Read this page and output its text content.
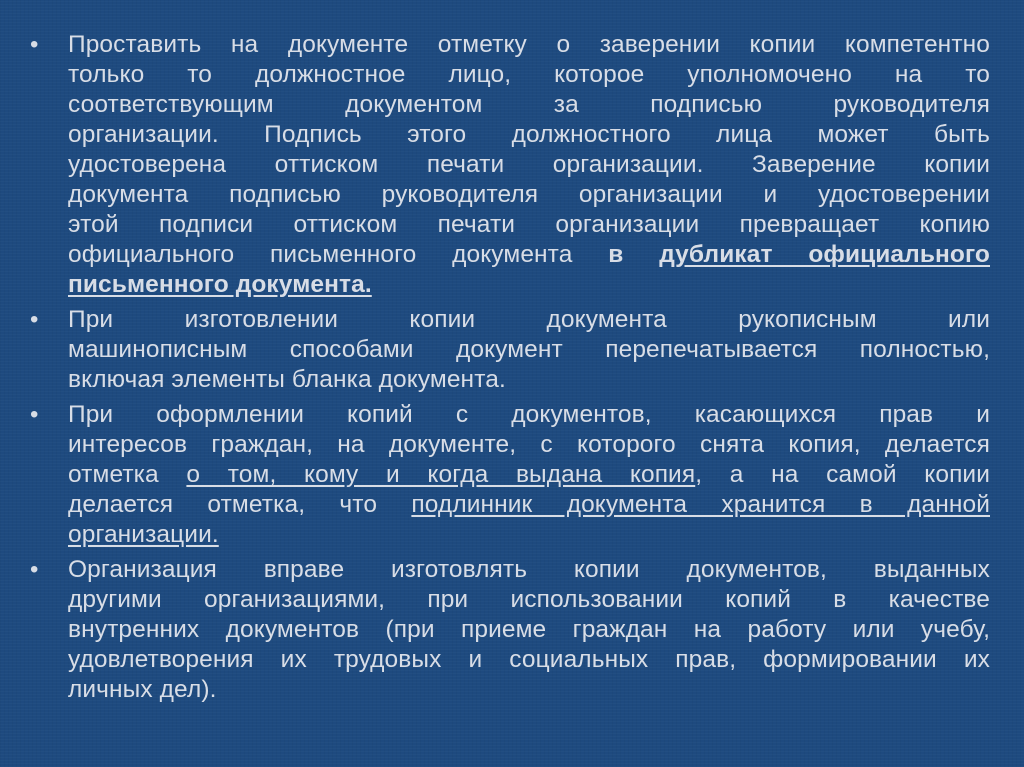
• Проставить на документе отметку о заверении копии компетентно
только то должностное лицо, которое уполномочено на то
соответствующим документом за подписью руководителя
организации. Подпись этого должностного лица может быть
удостоверена оттиском печати организации. Заверение копии
документа подписью руководителя организации и удостоверении
этой подписи оттиском печати организации превращает копию
официального письменного документа в дубликат официального
письменного документа.
• При изготовлении копии документа рукописным или
машинописным способами документ перепечатывается полностью,
включая элементы бланка документа.
• При оформлении копий с документов, касающихся прав и
интересов граждан, на документе, с которого снята копия, делается
отметка о том, кому и когда выдана копия, а на самой копии
делается отметка, что подлинник документа хранится в данной
организации.
• Организация вправе изготовлять копии документов, выданных
другими организациями, при использовании копий в качестве
внутренних документов (при приеме граждан на работу или учебу,
удовлетворения их трудовых и социальных прав, формировании их
личных дел).
